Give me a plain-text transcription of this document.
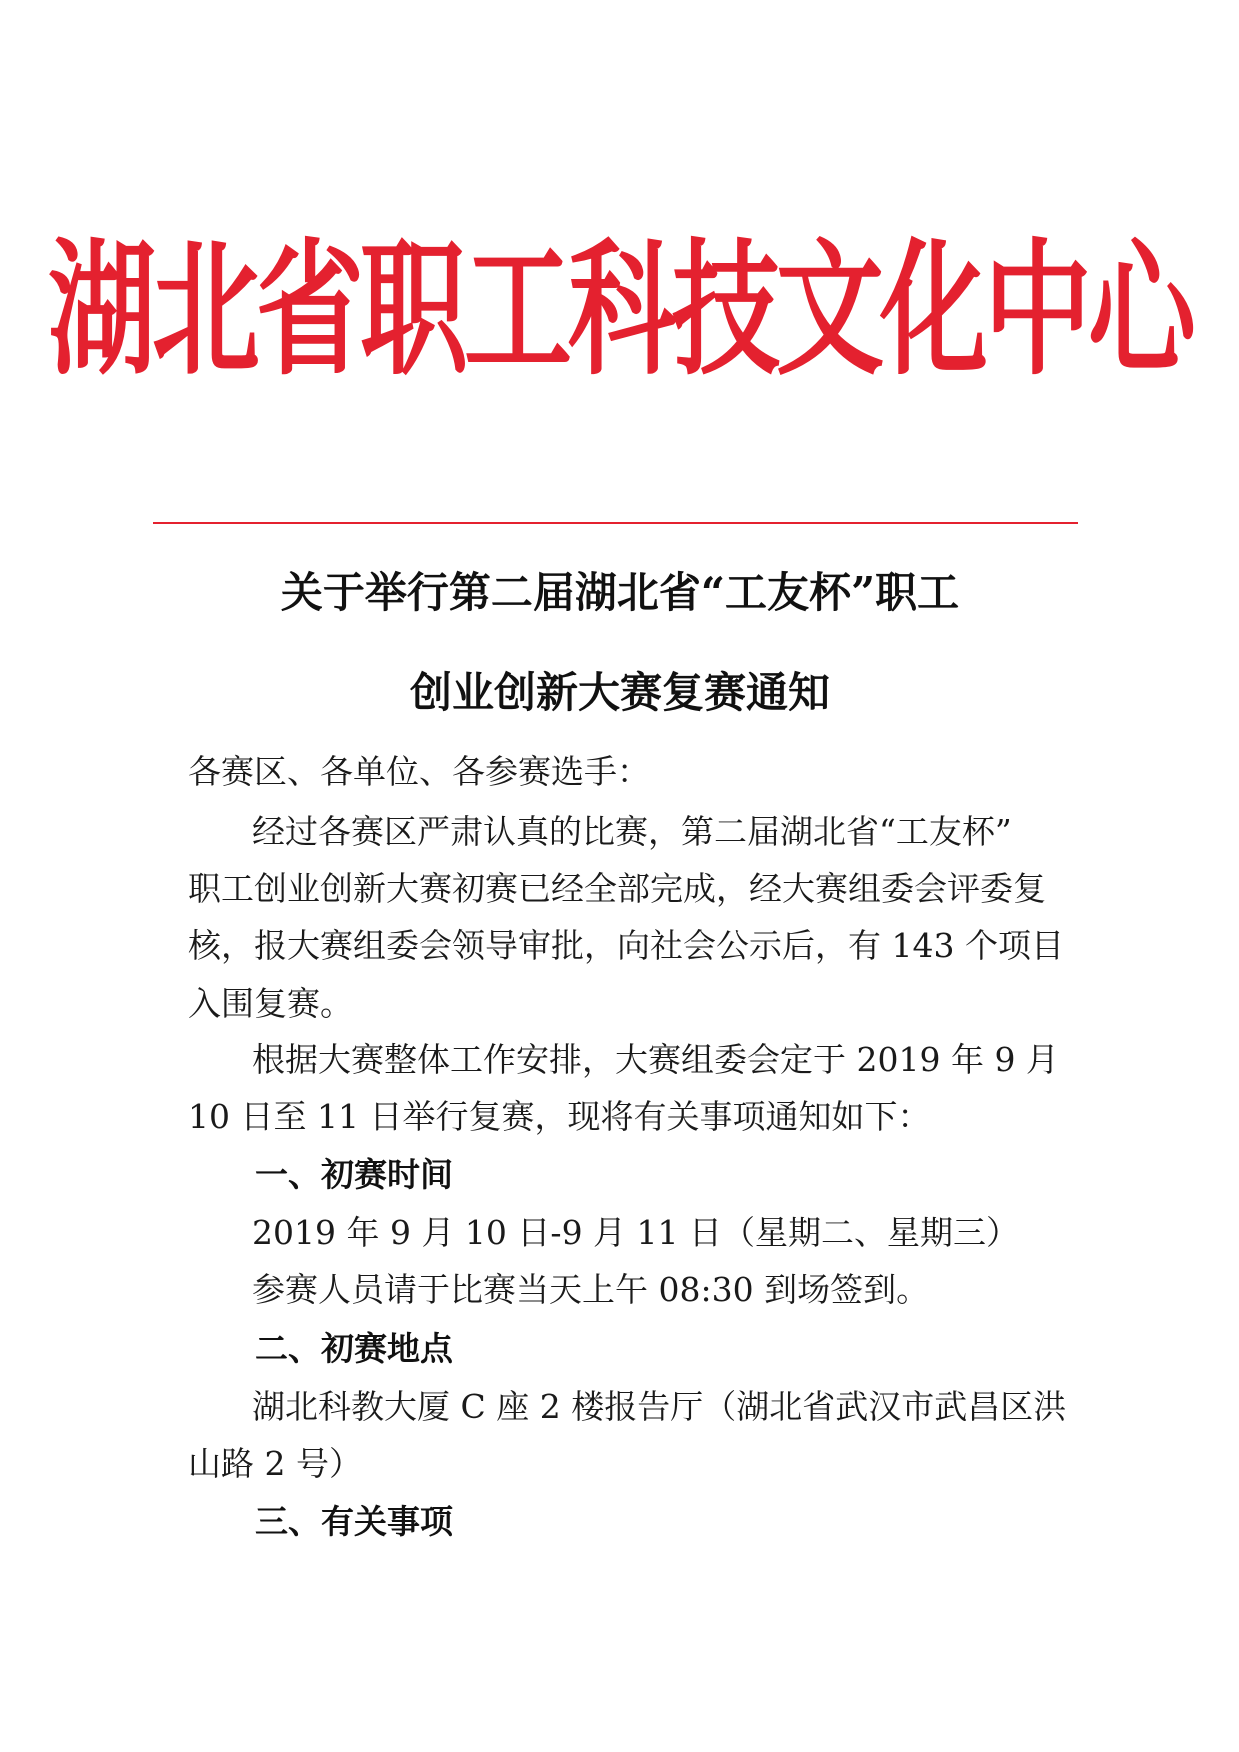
湖北省职工科技文化中心
关于举行第二届湖北省“工友杯”职工
创业创新大赛复赛通知
各赛区、各单位、各参赛选手：
经过各赛区严肃认真的比赛，第二届湖北省“工友杯”
职工创业创新大赛初赛已经全部完成，经大赛组委会评委复
核，报大赛组委会领导审批，向社会公示后，有 143 个项目
入围复赛。
根据大赛整体工作安排，大赛组委会定于 2019 年 9 月
10 日至 11 日举行复赛，现将有关事项通知如下：
一、初赛时间
2019 年 9 月 10 日-9 月 11 日（星期二、星期三）
参赛人员请于比赛当天上午 08:30 到场签到。
二、初赛地点
湖北科教大厦 C 座 2 楼报告厅（湖北省武汉市武昌区洪
山路 2 号）
三、有关事项
